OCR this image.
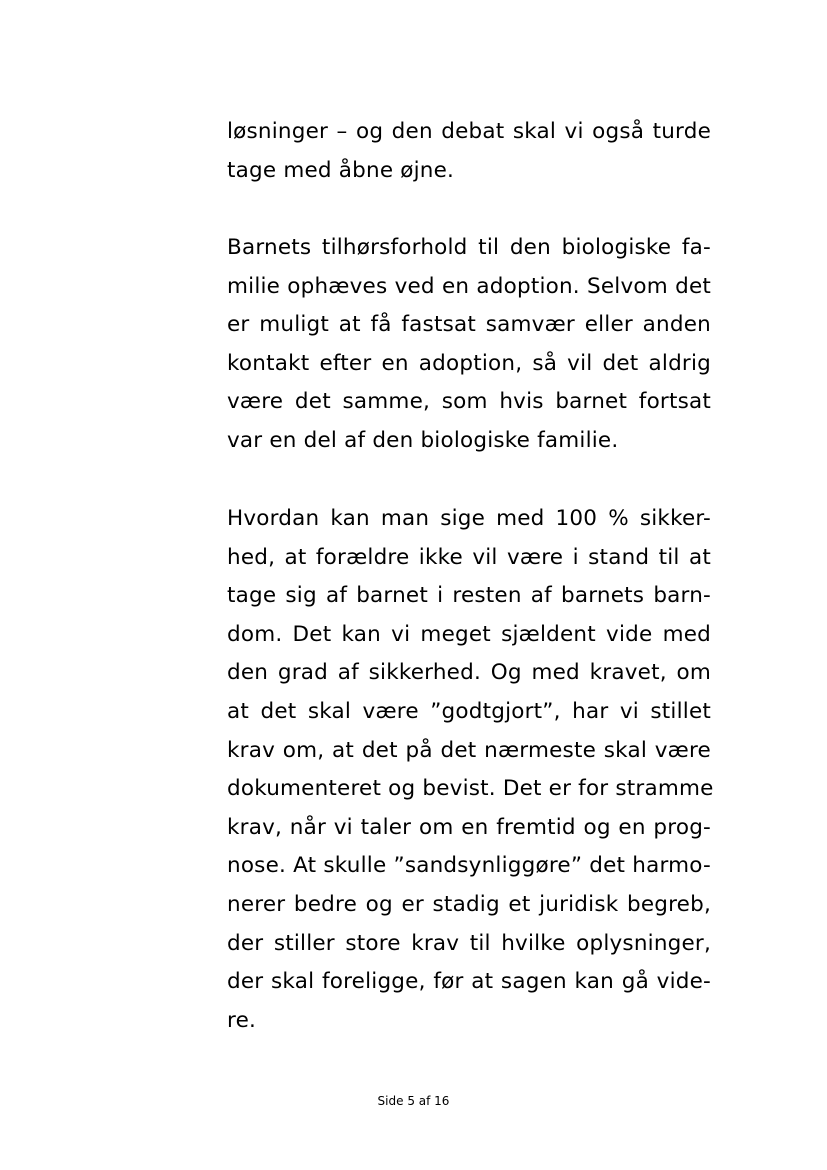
løsninger – og den debat skal vi også turde
tage med åbne øjne.
Barnets tilhørsforhold til den biologiske fa-
milie ophæves ved en adoption. Selvom det
er muligt at få fastsat samvær eller anden
kontakt efter en adoption, så vil det aldrig
være det samme, som hvis barnet fortsat
var en del af den biologiske familie.
Hvordan kan man sige med 100 % sikker-
hed, at forældre ikke vil være i stand til at
tage sig af barnet i resten af barnets barn-
dom. Det kan vi meget sjældent vide med
den grad af sikkerhed. Og med kravet, om
at det skal være ”godtgjort”, har vi stillet
krav om, at det på det nærmeste skal være
dokumenteret og bevist. Det er for stramme
krav, når vi taler om en fremtid og en prog-
nose. At skulle ”sandsynliggøre” det harmo-
nerer bedre og er stadig et juridisk begreb,
der stiller store krav til hvilke oplysninger,
der skal foreligge, før at sagen kan gå vide-
re.
Side 5 af 16
